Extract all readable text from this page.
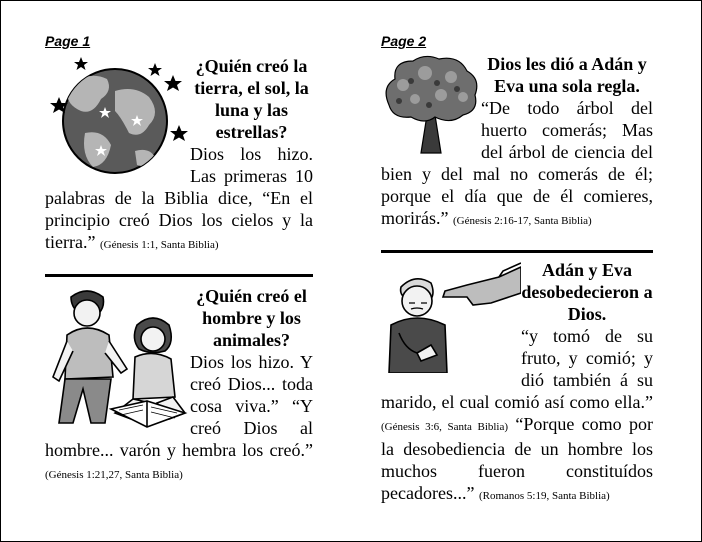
Page 1
¿Quién creó la tierra, el sol, la luna y las estrellas?

Dios los hizo. Las primeras 10 palabras de la Biblia dice, “En el principio creó Dios los cielos y la tierra.” (Génesis 1:1, Santa Biblia)

¿Quién creó el hombre y los animales?

Dios los hizo. Y creó Dios... toda cosa viva.” “Y creó Dios al hombre... varón y hembra los creó.” (Génesis 1:21,27, Santa Biblia)

Page 2
Dios les dió a Adán y Eva una sola regla.

“De todo árbol del huerto comerás; Mas del árbol de ciencia del bien y del mal no comerás de él; porque el día que de él comieres, morirás.” (Génesis 2:16-17, Santa Biblia)

Adán y Eva desobedecieron a Dios.

“y tomó de su fruto, y comió; y dió también á su marido, el cual comió así como ella.” (Génesis 3:6, Santa Biblia) “Porque como por la desobediencia de un hombre los muchos fueron constituídos pecadores...” (Romanos 5:19, Santa Biblia)
